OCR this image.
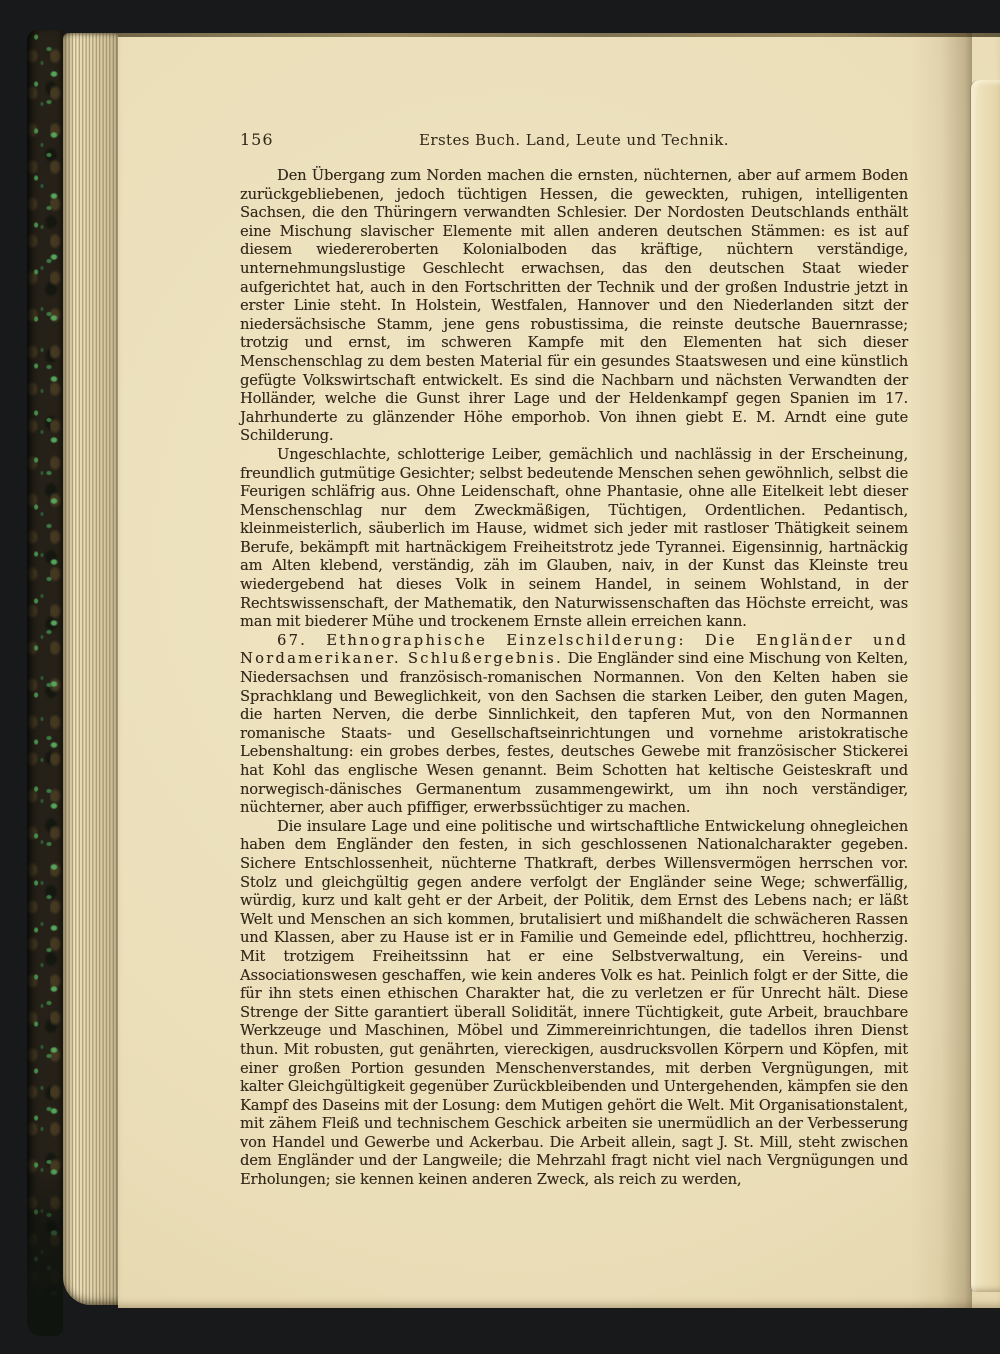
156	Erstes Buch. Land, Leute und Technik.

Den Übergang zum Norden machen die ernsten, nüchternen, aber auf armem Boden zurückgebliebenen, jedoch tüchtigen Hessen, die geweckten, ruhigen, intelligenten Sachsen, die den Thüringern verwandten Schlesier. Der Nordosten Deutschlands enthält eine Mischung slavischer Elemente mit allen anderen deutschen Stämmen: es ist auf diesem wiedereroberten Kolonialboden das kräftige, nüchtern verständige, unternehmungslustige Geschlecht erwachsen, das den deutschen Staat wieder aufgerichtet hat, auch in den Fortschritten der Technik und der großen Industrie jetzt in erster Linie steht. In Holstein, Westfalen, Hannover und den Niederlanden sitzt der niedersächsische Stamm, jene gens robustissima, die reinste deutsche Bauernrasse; trotzig und ernst, im schweren Kampfe mit den Elementen hat sich dieser Menschenschlag zu dem besten Material für ein gesundes Staatswesen und eine künstlich gefügte Volkswirtschaft entwickelt. Es sind die Nachbarn und nächsten Verwandten der Holländer, welche die Gunst ihrer Lage und der Heldenkampf gegen Spanien im 17. Jahrhunderte zu glänzender Höhe emporhob. Von ihnen giebt E. M. Arndt eine gute Schilderung.

Ungeschlachte, schlotterige Leiber, gemächlich und nachlässig in der Erscheinung, freundlich gutmütige Gesichter; selbst bedeutende Menschen sehen gewöhnlich, selbst die Feurigen schläfrig aus. Ohne Leidenschaft, ohne Phantasie, ohne alle Eitelkeit lebt dieser Menschenschlag nur dem Zweckmäßigen, Tüchtigen, Ordentlichen. Pedantisch, kleinmeisterlich, säuberlich im Hause, widmet sich jeder mit rastloser Thätigkeit seinem Berufe, bekämpft mit hartnäckigem Freiheitstrotz jede Tyrannei. Eigensinnig, hartnäckig am Alten klebend, verständig, zäh im Glauben, naiv, in der Kunst das Kleinste treu wiedergebend hat dieses Volk in seinem Handel, in seinem Wohlstand, in der Rechtswissenschaft, der Mathematik, den Naturwissenschaften das Höchste erreicht, was man mit biederer Mühe und trockenem Ernste allein erreichen kann.

67. Ethnographische Einzelschilderung: Die Engländer und Nordamerikaner. Schlußergebnis. Die Engländer sind eine Mischung von Kelten, Niedersachsen und französisch-romanischen Normannen. Von den Kelten haben sie Sprachklang und Beweglichkeit, von den Sachsen die starken Leiber, den guten Magen, die harten Nerven, die derbe Sinnlichkeit, den tapferen Mut, von den Normannen romanische Staats- und Gesellschaftseinrichtungen und vornehme aristokratische Lebenshaltung: ein grobes derbes, festes, deutsches Gewebe mit französischer Stickerei hat Kohl das englische Wesen genannt. Beim Schotten hat keltische Geisteskraft und norwegisch-dänisches Germanentum zusammengewirkt, um ihn noch verständiger, nüchterner, aber auch pfiffiger, erwerbssüchtiger zu machen.

Die insulare Lage und eine politische und wirtschaftliche Entwickelung ohnegleichen haben dem Engländer den festen, in sich geschlossenen Nationalcharakter gegeben. Sichere Entschlossenheit, nüchterne Thatkraft, derbes Willensvermögen herrschen vor. Stolz und gleichgültig gegen andere verfolgt der Engländer seine Wege; schwerfällig, würdig, kurz und kalt geht er der Arbeit, der Politik, dem Ernst des Lebens nach; er läßt Welt und Menschen an sich kommen, brutalisiert und mißhandelt die schwächeren Rassen und Klassen, aber zu Hause ist er in Familie und Gemeinde edel, pflichttreu, hochherzig. Mit trotzigem Freiheitssinn hat er eine Selbstverwaltung, ein Vereins- und Associationswesen geschaffen, wie kein anderes Volk es hat. Peinlich folgt er der Sitte, die für ihn stets einen ethischen Charakter hat, die zu verletzen er für Unrecht hält. Diese Strenge der Sitte garantiert überall Solidität, innere Tüchtigkeit, gute Arbeit, brauchbare Werkzeuge und Maschinen, Möbel und Zimmereinrichtungen, die tadellos ihren Dienst thun. Mit robusten, gut genährten, viereckigen, ausdrucksvollen Körpern und Köpfen, mit einer großen Portion gesunden Menschenverstandes, mit derben Vergnügungen, mit kalter Gleichgültigkeit gegenüber Zurückbleibenden und Untergehenden, kämpfen sie den Kampf des Daseins mit der Losung: dem Mutigen gehört die Welt. Mit Organisationstalent, mit zähem Fleiß und technischem Geschick arbeiten sie unermüdlich an der Verbesserung von Handel und Gewerbe und Ackerbau. Die Arbeit allein, sagt J. St. Mill, steht zwischen dem Engländer und der Langweile; die Mehrzahl fragt nicht viel nach Vergnügungen und Erholungen; sie kennen keinen anderen Zweck, als reich zu werden,
